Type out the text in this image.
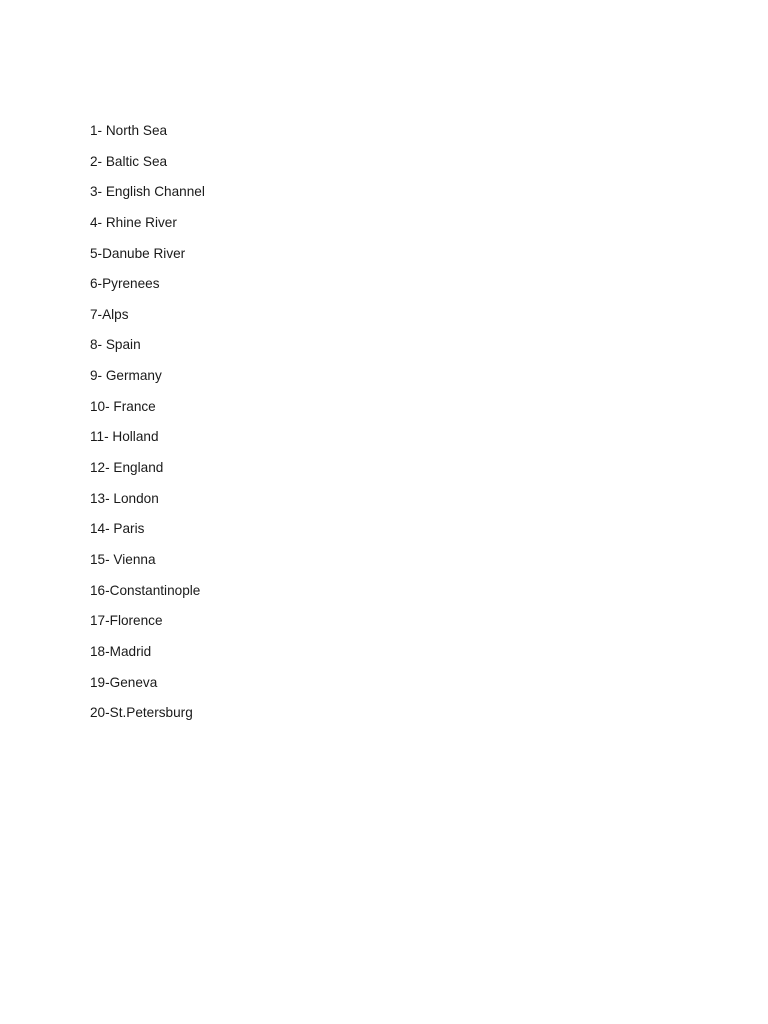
1- North Sea
2- Baltic Sea
3- English Channel
4- Rhine River
5-Danube River
6-Pyrenees
7-Alps
8- Spain
9- Germany
10- France
11- Holland
12- England
13- London
14- Paris
15- Vienna
16-Constantinople
17-Florence
18-Madrid
19-Geneva
20-St.Petersburg
